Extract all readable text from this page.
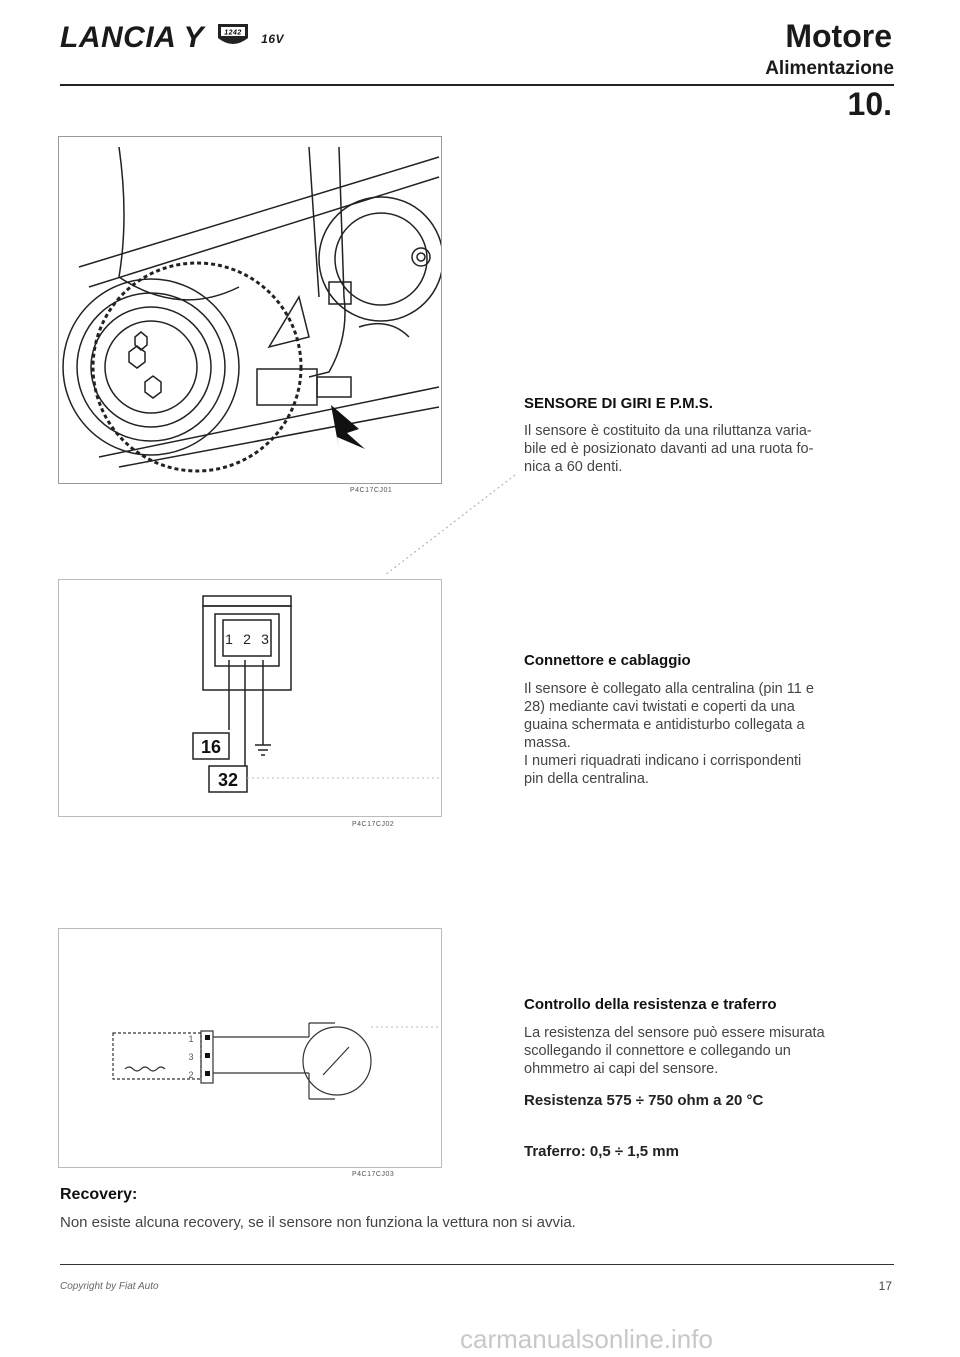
LANCIA Y	1242 16V	Motore
Alimentazione
10.
P4C17CJ01
SENSORE DI GIRI E P.M.S.
Il sensore è costituito da una riluttanza varia-
bile ed è posizionato davanti ad una ruota fo-
nica a 60 denti.
1 2 3
16
32
P4C17CJ02
Connettore e cablaggio
Il sensore è collegato alla centralina (pin 11 e
28) mediante cavi twistati e coperti da una
guaina schermata e antidisturbo collegata a
massa.
I numeri riquadrati indicano i corrispondenti
pin della centralina.
1
3
2
P4C17CJ03
Controllo della resistenza e traferro
La resistenza del sensore può essere misurata
scollegando il connettore e collegando un
ohmmetro ai capi del sensore.
Resistenza 575 ÷ 750 ohm a 20 °C
Traferro: 0,5 ÷ 1,5 mm
Recovery:
Non esiste alcuna recovery, se il sensore non funziona la vettura non si avvia.
Copyright by Fiat Auto	17
carmanualsonline.info
